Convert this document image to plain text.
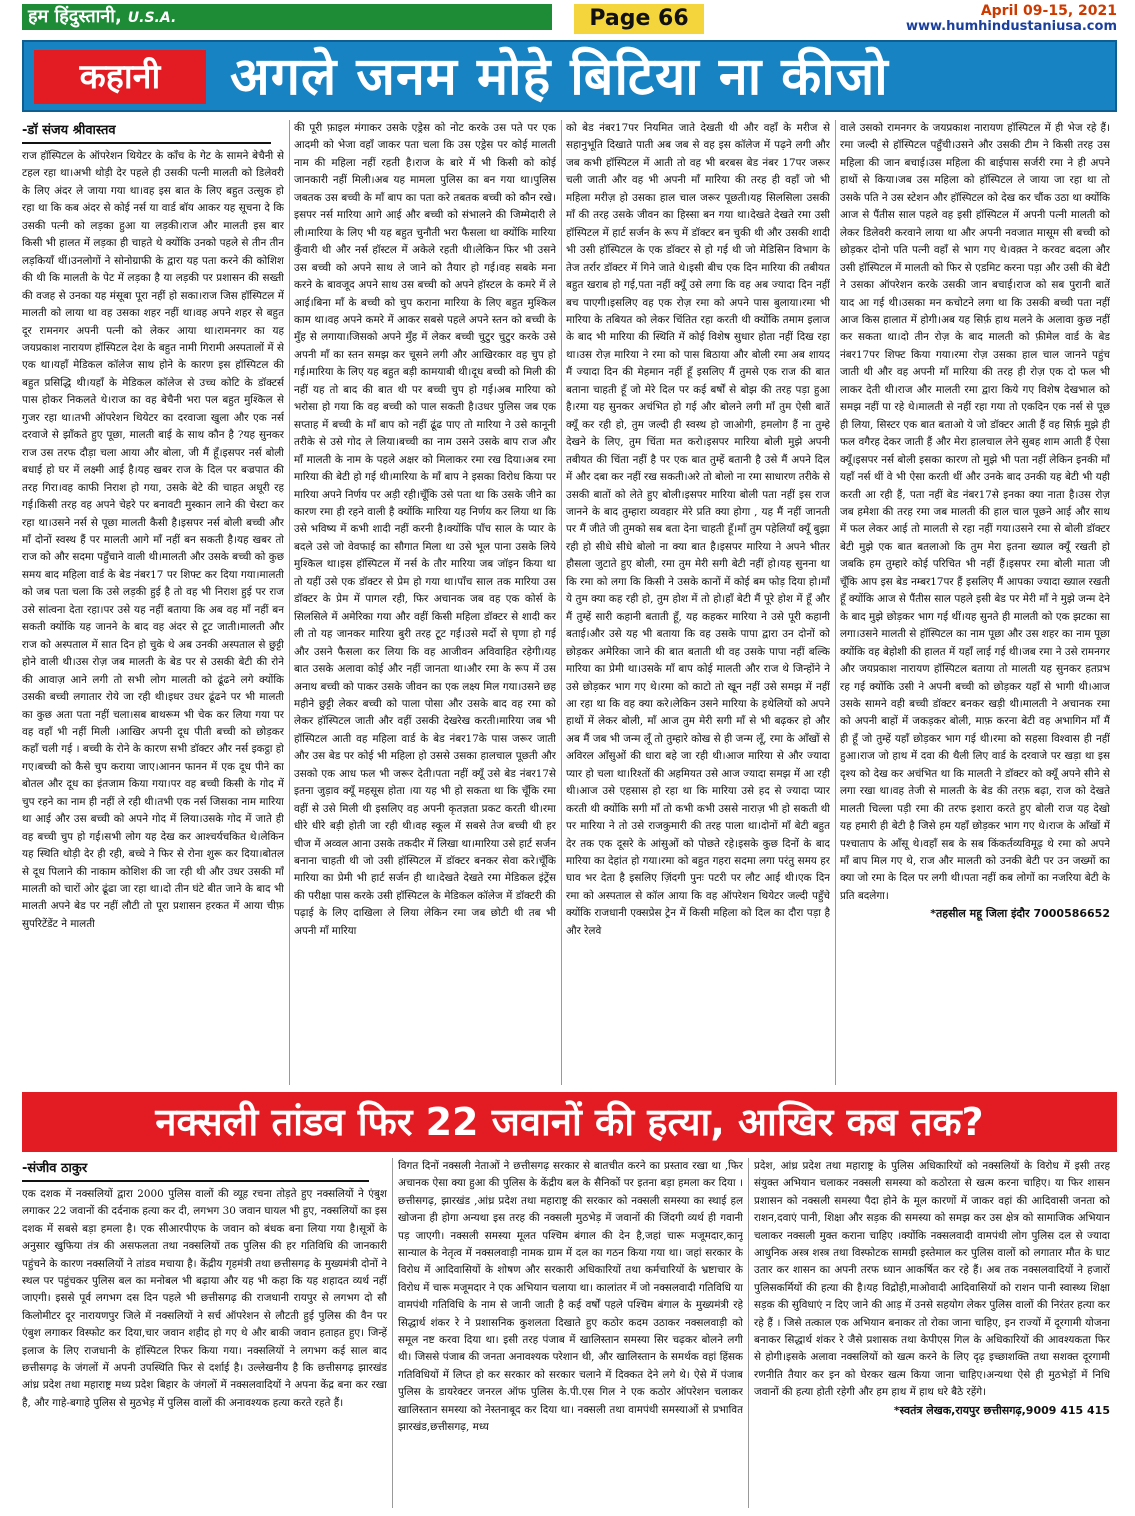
हम हिंदुस्तानी, U.S.A.	Page 66	April 09-15, 2021
www.humhindustaniusa.com
कहानी	अगले जनम मोहे बिटिया ना कीजो
-डॉ संजय श्रीवास्तव
राज हॉस्पिटल के ऑपरेशन थियेटर के काँच के गेट के सामने बेचैनी से टहल रहा था।अभी थोड़ी देर पहले ही उसकी पत्नी मालती को डिलेवरी के लिए अंदर ले जाया गया था।वह इस बात के लिए बहुत उत्सुक हो रहा था कि कब अंदर से कोई नर्स या वार्ड बॉय आकर यह सूचना दे कि उसकी पत्नी को लड़का हुआ या लड़की।राज और मालती इस बार किसी भी हालत में लड़का ही चाहते थे क्योंकि उनको पहले से तीन तीन लड़कियाँ थीं।उनलोगों ने सोनोग्राफी के द्वारा यह पता करने की कोशिश की थी कि मालती के पेट में लड़का है या लड़की पर प्रशासन की सख्ती की वजह से उनका यह मंसूबा पूरा नहीं हो सका।राज जिस हॉस्पिटल में मालती को लाया था वह उसका शहर नहीं था।वह अपने शहर से बहुत दूर रामनगर अपनी पत्नी को लेकर आया था।रामनगर का यह जयप्रकाश नारायण हॉस्पिटल देश के बहुत नामी गिरामी अस्पतालों में से एक था।यहाँ मेडिकल कॉलेज साथ होने के कारण इस हॉस्पिटल की बहुत प्रसिद्धि थी।यहाँ के मेडिकल कॉलेज से उच्च कोटि के डॉक्टर्स पास होकर निकलते थे।राज का वह बेचैनी भरा पल बहुत मुश्किल से गुजर रहा था।तभी ऑपरेशन थियेटर का दरवाजा खुला और एक नर्स दरवाजे से झाँकते हुए पूछा, मालती बाई के साथ कौन है ?यह सुनकर राज उस तरफ दौड़ा चला आया और बोला, जी मैं हूँ।इसपर नर्स बोली बधाई हो घर में लक्ष्मी आई है।यह खबर राज के दिल पर बज्रपात की तरह गिरा।वह काफी निराश हो गया, उसके बेटे की चाहत अधूरी रह गई।किसी तरह वह अपने चेहरे पर बनावटी मुस्कान लाने की चेस्टा कर रहा था।उसने नर्स से पूछा मालती कैसी है।इसपर नर्स बोली बच्ची और माँ दोनों स्वस्थ हैं पर मालती आगे माँ नहीं बन सकती है।यह खबर तो राज को और सदमा पहुँचाने वाली थी।मालती और उसके बच्ची को कुछ समय बाद महिला वार्ड के बेड नंबर17 पर शिफ्ट कर दिया गया।मालती को जब पता चला कि उसे लड़की हुई है तो वह भी निराश हुई पर राज उसे सांत्वना देता रहा।पर उसे यह नहीं बताया कि अब वह माँ नहीं बन सकती क्योंकि यह जानने के बाद वह अंदर से टूट जाती।मालती और राज को अस्पताल में सात दिन हो चुके थे अब उनकी अस्पताल से छुट्टी होने वाली थी।उस रोज़ जब मालती के बेड पर से उसकी बेटी की रोने की आवाज़ आने लगी तो सभी लोग मालती को ढूंढने लगे क्योंकि उसकी बच्ची लगातार रोये जा रही थी।इधर उधर ढूंढने पर भी मालती का कुछ अता पता नहीं चला।सब बाथरूम भी चेक कर लिया गया पर वह वहाँ भी नहीं मिली ।आखिर अपनी दूध पीती बच्ची को छोड़कर कहाँ चली गई । बच्ची के रोने के कारण सभी डॉक्टर और नर्स इकट्ठा हो गए।बच्ची को कैसे चुप कराया जाए।आनन फानन में एक दूध पीने का बोतल और दूध का इंतजाम किया गया।पर वह बच्ची किसी के गोद में चुप रहने का नाम ही नहीं ले रही थी।तभी एक नर्स जिसका नाम मारिया था आई और उस बच्ची को अपने गोद में लिया।उसके गोद में जाते ही वह बच्ची चुप हो गई।सभी लोग यह देख कर आश्चर्यचकित थे।लेकिन यह स्थिति थोड़ी देर ही रही, बच्चे ने फिर से रोना शुरू कर दिया।बोतल से दूध पिलाने की नाकाम कोशिश की जा रही थी और उधर उसकी माँ मालती को चारों ओर ढूंढा जा रहा था।दो तीन घंटे बीत जाने के बाद भी मालती अपने बेड पर नहीं लौटी तो पूरा प्रशासन हरकत में आया चीफ़ सुपरिटेंडेंट ने मालती
की पूरी फ़ाइल मंगाकर उसके एड्रेस को नोट करके उस पते पर एक आदमी को भेजा वहाँ जाकर पता चला कि उस एड्रेस पर कोई मालती नाम की महिला नहीं रहती है।राज के बारे में भी किसी को कोई जानकारी नहीं मिली।अब यह मामला पुलिस का बन गया था।पुलिस जबतक उस बच्ची के माँ बाप का पता करे तबतक बच्ची को कौन रखे।इसपर नर्स मारिया आगे आई और बच्ची को संभालने की जिम्मेदारी ले ली।मारिया के लिए भी यह बहुत चुनौती भरा फैसला था क्योंकि मारिया कुँवारी थी और नर्स हॉस्टल में अकेले रहती थी।लेकिन फिर भी उसने उस बच्ची को अपने साथ ले जाने को तैयार हो गई।वह सबके मना करने के बावजूद अपने साथ उस बच्ची को अपने हॉस्टल के कमरे में ले आई।बिना माँ के बच्ची को चुप कराना मारिया के लिए बहुत मुश्किल काम था।वह अपने कमरे में आकर सबसे पहले अपने स्तन को बच्ची के मुँह से लगाया।जिसको अपने मुँह में लेकर बच्ची चुटुर चुटुर करके उसे अपनी माँ का स्तन समझ कर चूसने लगी और आखिरकार वह चुप हो गई।मारिया के लिए यह बहुत बड़ी कामयाबी थी।दूध बच्ची को मिली की नहीं यह तो बाद की बात थी पर बच्ची चुप हो गई।अब मारिया को भरोसा हो गया कि वह बच्ची को पाल सकती है।उधर पुलिस जब एक सप्ताह में बच्ची के माँ बाप को नहीं ढूंढ पाए तो मारिया ने उसे कानूनी तरीके से उसे गोद ले लिया।बच्ची का नाम उसने उसके बाप राज और माँ मालती के नाम के पहले अक्षर को मिलाकर रमा रख दिया।अब रमा मारिया की बेटी हो गई थी।मारिया के माँ बाप ने इसका विरोध किया पर मारिया अपने निर्णय पर अड़ी रही।चूँकि उसे पता था कि उसके जीने का कारण रमा ही रहने वाली है क्योंकि मारिया यह निर्णय कर लिया था कि उसे भविष्य में कभी शादी नहीं करनी है।क्योंकि पाँच साल के प्यार के बदले उसे जो वेवफाई का सौगात मिला था उसे भूल पाना उसके लिये मुश्किल था।इस हॉस्पिटल में नर्स के तौर मारिया जब जॉइन किया था तो यहीं उसे एक डॉक्टर से प्रेम हो गया था।पाँच साल तक मारिया उस डॉक्टर के प्रेम में पागल रही, फिर अचानक जब वह एक कोर्स के सिलसिले में अमेरिका गया और वहीं किसी महिला डॉक्टर से शादी कर ली तो यह जानकर मारिया बुरी तरह टूट गई।उसे मर्दो से घृणा हो गई और उसने फैसला कर लिया कि वह आजीवन अविवाहित रहेगी।यह बात उसके अलावा कोई और नहीं जानता था।और रमा के रूप में उस अनाथ बच्ची को पाकर उसके जीवन का एक लक्ष्य मिल गया।उसने छह महीने छुट्टी लेकर बच्ची को पाला पोसा और उसके बाद वह रमा को लेकर हॉस्पिटल जाती और वहीं उसकी देखरेख करती।मारिया जब भी हॉस्पिटल आती वह महिला वार्ड के बेड नंबर17के पास जरूर जाती और उस बेड पर कोई भी महिला हो उससे उसका हालचाल पूछती और उसको एक आध फल भी जरूर देती।पता नहीं क्यूँ उसे बेड नंबर17से इतना जुड़ाव क्यूँ महसूस होता ।या यह भी हो सकता था कि चूँकि रमा वहीं से उसे मिली थी इसलिए वह अपनी कृतज्ञता प्रकट करती थी।रमा धीरे धीरे बड़ी होती जा रही थी।वह स्कूल में सबसे तेज बच्ची थी हर चीज में अव्वल आना उसके तकदीर में लिखा था।मारिया उसे हार्ट सर्जन बनाना चाहती थी जो उसी हॉस्पिटल में डॉक्टर बनकर सेवा करे।चूँकि मारिया का प्रेमी भी हार्ट सर्जन ही था।देखते देखते रमा मेडिकल इंट्रेंस की परीक्षा पास करके उसी हॉस्पिटल के मेडिकल कॉलेज में डॉक्टरी की पढ़ाई के लिए दाखिला ले लिया लेकिन रमा जब छोटी थी तब भी अपनी माँ मारिया
को बेड नंबर17पर नियमित जाते देखती थी और वहाँ के मरीज से सहानुभूति दिखाते पाती अब जब से वह इस कॉलेज में पढ़ने लगी और जब कभी हॉस्पिटल में आती तो वह भी बरबस बेड नंबर 17पर जरूर चली जाती और वह भी अपनी माँ मारिया की तरह ही वहाँ जो भी महिला मरीज़ हो उसका हाल चाल जरूर पूछती।यह सिलसिला उसकी माँ की तरह उसके जीवन का हिस्सा बन गया था।देखते देखते रमा उसी हॉस्पिटल में हार्ट सर्जन के रूप में डॉक्टर बन चुकी थी और उसकी शादी भी उसी हॉस्पिटल के एक डॉक्टर से हो गई थी जो मेडिसिन विभाग के तेज तर्रार डॉक्टर में गिने जाते थे।इसी बीच एक दिन मारिया की तबीयत बहुत खराब हो गई,पता नहीं क्यूँ उसे लगा कि वह अब ज्यादा दिन नहीं बच पाएगी।इसलिए वह एक रोज़ रमा को अपने पास बुलाया।रमा भी मारिया के तबियत को लेकर चिंतित रहा करती थी क्योंकि तमाम इलाज के बाद भी मारिया की स्थिति में कोई विशेष सुधार होता नहीं दिख रहा था।उस रोज़ मारिया ने रमा को पास बिठाया और बोली रमा अब शायद मैं ज्यादा दिन की मेहमान नहीं हूँ इसलिए मैं तुमसे एक राज की बात बताना चाहती हूँ जो मेरे दिल पर कई बर्षों से बोझ की तरह पड़ा हुआ है।रमा यह सुनकर अचंभित हो गई और बोलने लगी माँ तुम ऐसी बातें क्यूँ कर रही हो, तुम जल्दी ही स्वस्थ हो जाओगी, हमलोग हैं ना तुम्हे देखने के लिए, तुम चिंता मत करो।इसपर मारिया बोली मुझे अपनी तबीयत की चिंता नहीं है पर एक बात तुम्हें बतानी है उसे मैं अपने दिल में और दबा कर नहीं रख सकती।अरे तो बोलो ना रमा साधारण तरीके से उसकी बातों को लेते हुए बोली।इसपर मारिया बोली पता नहीं इस राज जानने के बाद तुम्हारा व्यवहार मेरे प्रति क्या होगा , यह मैं नहीं जानती पर मैं जीते जी तुमको सब बता देना चाहती हूँ।माँ तुम पहेलियाँ क्यूँ बुझा रही हो सीधे सीधे बोलो ना क्या बात है।इसपर मारिया ने अपने भीतर हौसला जुटाते हुए बोली, रमा तुम मेरी सगी बेटी नहीं हो।यह सुनना था कि रमा को लगा कि किसी ने उसके कानों में कोई बम फोड़ दिया हो।माँ ये तुम क्या कह रही हो, तुम होश में तो हो।हाँ बेटी मैं पूरे होश में हूँ और मैं तुम्हें सारी कहानी बताती हूँ, यह कहकर मारिया ने उसे पूरी कहानी बताई।और उसे यह भी बताया कि वह उसके पापा द्वारा उन दोनों को छोड़कर अमेरिका जाने की बात बताती थी वह उसके पापा नहीं बल्कि मारिया का प्रेमी था।उसके माँ बाप कोई मालती और राज थे जिन्होंने ने उसे छोड़कर भाग गए थे।रमा को काटो तो खून नहीं उसे समझ में नहीं आ रहा था कि वह क्या करे।लेकिन उसने मारिया के हथेलियों को अपने हाथों में लेकर बोली, माँ आज तुम मेरी सगी माँ से भी बढ़कर हो और अब मैं जब भी जन्म लूँ तो तुम्हारे कोख से ही जन्म लूँ, रमा के आँखों से अविरल आँसुओं की धारा बहे जा रही थी।आज मारिया से और ज्यादा प्यार हो चला था।रिश्तों की अहमियत उसे आज ज्यादा समझ में आ रही थी।आज उसे एहसास हो रहा था कि मारिया उसे हद से ज्यादा प्यार करती थी क्योंकि सगी माँ तो कभी कभी उससे नाराज़ भी हो सकती थी पर मारिया ने तो उसे राजकुमारी की तरह पाला था।दोनों माँ बेटी बहुत देर तक एक दूसरे के आंसुओं को पोछते रहे।इसके कुछ दिनों के बाद मारिया का देहांत हो गया।रमा को बहुत गहरा सदमा लगा परंतु समय हर घाव भर देता है इसलिए ज़िंदगी पुनः पटरी पर लौट आई थी।एक दिन रमा को अस्पताल से कॉल आया कि वह ऑपरेशन थियेटर जल्दी पहुँचे क्योंकि राजधानी एक्सप्रेस ट्रेन में किसी महिला को दिल का दौरा पड़ा है और रेलवे
वाले उसको रामनगर के जयप्रकाश नारायण हॉस्पिटल में ही भेज रहे हैं।रमा जल्दी से हॉस्पिटल पहुँची।उसने और उसकी टीम ने किसी तरह उस महिला की जान बचाई।उस महिला की बाईपास सर्जरी रमा ने ही अपने हाथों से किया।जब उस महिला को हॉस्पिटल ले जाया जा रहा था तो उसके पति ने उस स्टेशन और हॉस्पिटल को देख कर चौंक उठा था क्योंकि आज से पैंतीस साल पहले वह इसी हॉस्पिटल में अपनी पत्नी मालती को लेकर डिलेवरी करवाने लाया था और अपनी नवजात मासूम सी बच्ची को छोड़कर दोनो पति पत्नी वहाँ से भाग गए थे।वक़्त ने करवट बदला और उसी हॉस्पिटल में मालती को फिर से एडमिट करना पड़ा और उसी की बेटी ने उसका ऑपरेशन करके उसकी जान बचाई।राज को सब पुरानी बातें याद आ गई थी।उसका मन कचोटने लगा था कि उसकी बच्ची पता नहीं आज किस हालात में होगी।अब यह सिर्फ़ हाथ मलने के अलावा कुछ नहीं कर सकता था।दो तीन रोज़ के बाद मालती को फ़ीमेल वार्ड के बेड नंबर17पर शिफ्ट किया गया।रमा रोज़ उसका हाल चाल जानने पहुंच जाती थी और वह अपनी माँ मारिया की तरह ही रोज़ एक दो फल भी लाकर देती थी।राज और मालती रमा द्वारा किये गए विशेष देखभाल को समझ नहीं पा रहे थे।मालती से नहीं रहा गया तो एकदिन एक नर्स से पूछ ही लिया, सिस्टर एक बात बताओ ये जो डॉक्टर आती हैं वह सिर्फ़ मुझे ही फल वगैरह देकर जाती हैं और मेरा हालचाल लेने सुबह शाम आती हैं ऐसा क्यूँ।इसपर नर्स बोली इसका कारण तो मुझे भी पता नहीं लेकिन इनकी माँ यहाँ नर्स थीं वे भी ऐसा करती थीं और उनके बाद उनकी यह बेटी भी यही करती आ रही हैं, पता नहीं बेड नंबर17से इनका क्या नाता है।उस रोज़ जब हमेशा की तरह रमा जब मालती की हाल चाल पूछने आई और साथ में फल लेकर आई तो मालती से रहा नहीं गया।उसने रमा से बोली डॉक्टर बेटी मुझे एक बात बतलाओ कि तुम मेरा इतना ख्याल क्यूँ रखती हो जबकि हम तुम्हारे कोई परिचित भी नहीं हैं।इसपर रमा बोली माता जी चूँकि आप इस बेड नम्बर17पर हैं इसलिए मैं आपका ज्यादा ख्याल रखती हूँ क्योंकि आज से पैंतीस साल पहले इसी बेड पर मेरी माँ ने मुझे जन्म देने के बाद मुझे छोड़कर भाग गई थीं।यह सुनते ही मालती को एक झटका सा लगा।उसने मालती से हॉस्पिटल का नाम पूछा और उस शहर का नाम पूछा क्योंकि वह बेहोशी की हालत में यहाँ लाई गई थी।जब रमा ने उसे रामनगर और जयप्रकाश नारायण हॉस्पिटल बताया तो मालती यह सुनकर हतप्रभ रह गई क्योंकि उसी ने अपनी बच्ची को छोड़कर यहाँ से भागी थी।आज उसके सामने वही बच्ची डॉक्टर बनकर खड़ी थी।मालती ने अचानक रमा को अपनी बाहों में जकड़कर बोली, माफ़ करना बेटी वह अभागिन माँ मैं ही हूँ जो तुम्हें यहाँ छोड़कर भाग गई थी।रमा को सहसा विश्वास ही नहीं हुआ।राज जो हाथ में दवा की थैली लिए वार्ड के दरवाजे पर खड़ा था इस दृश्य को देख कर अचंभित था कि मालती ने डॉक्टर को क्यूँ अपने सीने से लगा रखा था।वह तेजी से मालती के बेड की तरफ़ बढ़ा, राज को देखते मालती चिल्ला पड़ी रमा की तरफ इशारा करते हुए बोली राज यह देखो यह हमारी ही बेटी है जिसे हम यहाँ छोड़कर भाग गए थे।राज के आँखों में पश्चाताप के आँसू थे।वहाँ सब के सब किंकर्तव्यविमूढ़ थे रमा को अपने माँ बाप मिल गए थे, राज और मालती को उनकी बेटी पर उन जख्मों का क्या जो रमा के दिल पर लगी थी।पता नहीं कब लोगों का नजरिया बेटी के प्रति बदलेगा।
*तहसील महू जिला इंदौर 7000586652
नक्सली तांडव फिर 22 जवानों की हत्या, आखिर कब तक?
-संजीव ठाकुर
एक दशक में नक्सलियों द्वारा 2000 पुलिस वालों की व्यूह रचना तोड़ते हुए नक्सलियों ने एंबुश लगाकर 22 जवानों की दर्दनाक हत्या कर दी, लगभग 30 जवान घायल भी हुए, नक्सलियों का इस दशक में सबसे बड़ा हमला है। एक सीआरपीएफ के जवान को बंधक बना लिया गया है।सूत्रों के अनुसार खुफिया तंत्र की असफलता तथा नक्सलियों तक पुलिस की हर गतिविधि की जानकारी पहुंचने के कारण नक्सलियों ने तांडव मचाया है। केंद्रीय गृहमंत्री तथा छत्तीसगढ़ के मुख्यमंत्री दोनों ने स्थल पर पहुंचकर पुलिस बल का मनोबल भी बढ़ाया और यह भी कहा कि यह शहादत व्यर्थ नहीं जाएगी। इससे पूर्व लगभग दस दिन पहले भी छत्तीसगढ़ की राजधानी रायपुर से लगभग दो सौ किलोमीटर दूर नारायणपुर जिले में नक्सलियों ने सर्च ऑपरेशन से लौटती हुई पुलिस की वैन पर एंबुश लगाकर विस्फोट कर दिया,चार जवान शहीद हो गए थे और बाकी जवान हताहत हुए। जिन्हें इलाज के लिए राजधानी के हॉस्पिटल रिफर किया गया। नक्सलियों ने लगभग कई साल बाद छत्तीसगढ़ के जंगलों में अपनी उपस्थिति फिर से दर्शाई है। उल्लेखनीय है कि छत्तीसगढ़ झारखंड आंध्र प्रदेश तथा महाराष्ट्र मध्य प्रदेश बिहार के जंगलों में नक्सलवादियों ने अपना केंद्र बना कर रखा है, और गाहे-बगाहे पुलिस से मुठभेड़ में पुलिस वालों की अनावश्यक हत्या करते रहते हैं।
विगत दिनों नक्सली नेताओं ने छत्तीसगढ़ सरकार से बातचीत करने का प्रस्ताव रखा था ,फिर अचानक ऐसा क्या हुआ की पुलिस के केंद्रीय बल के सैनिकों पर इतना बड़ा हमला कर दिया ।छत्तीसगढ़, झारखंड ,आंध्र प्रदेश तथा महाराष्ट्र की सरकार को नक्सली समस्या का स्थाई हल खोजना ही होगा अन्यथा इस तरह की नक्सली मुठभेड़ में जवानों की जिंदगी व्यर्थ ही गवानी पड़ जाएगी। नक्सली समस्या मूलत पश्चिम बंगाल की देन है,जहां चारू मजूमदार,कानू सान्याल के नेतृत्व में नक्सलवाड़ी नामक ग्राम में दल का गठन किया गया था। जहां सरकार के विरोध में आदिवासियों के शोषण और सरकारी अधिकारियों तथा कर्मचारियों के भ्रष्टाचार के विरोध में चारू मजूमदार ने एक अभियान चलाया था। कालांतर में जो नक्सलवादी गतिविधि या वामपंथी गतिविधि के नाम से जानी जाती है कई वर्षों पहले पश्चिम बंगाल के मुख्यमंत्री रहे सिद्धार्थ शंकर रे ने प्रशासनिक कुशलता दिखाते हुए कठोर कदम उठाकर नक्सलवाड़ी को समूल नष्ट करवा दिया था। इसी तरह पंजाब में खालिस्तान समस्या सिर चढ़कर बोलने लगी थी। जिससे पंजाब की जनता अनावश्यक परेशान थी, और खालिस्तान के समर्थक वहां हिंसक गतिविधियों में लिप्त हो कर सरकार को सरकार चलाने में दिक्कत देने लगे थे। ऐसे में पंजाब पुलिस के डायरेक्टर जनरल ऑफ पुलिस के.पी.एस गिल ने एक कठोर ऑपरेशन चलाकर खालिस्तान समस्या को नेस्तनाबूद कर दिया था। नक्सली तथा वामपंथी समस्याओं से प्रभावित झारखंड,छत्तीसगढ़, मध्य
प्रदेश, आंध्र प्रदेश तथा महाराष्ट्र के पुलिस अधिकारियों को नक्सलियों के विरोध में इसी तरह संयुक्त अभियान चलाकर नक्सली समस्या को कठोरता से खत्म करना चाहिए। या फिर शासन प्रशासन को नक्सली समस्या पैदा होने के मूल कारणों में जाकर वहां की आदिवासी जनता को राशन,दवाएं पानी, शिक्षा और सड़क की समस्या को समझ कर उस क्षेत्र को सामाजिक अभियान चलाकर नक्सली मुक्त कराना चाहिए ।क्योंकि नक्सलवादी वामपंथी लोग पुलिस दल से ज्यादा आधुनिक अस्त्र शस्त्र तथा विस्फोटक सामग्री इस्तेमाल कर पुलिस वालों को लगातार मौत के घाट उतार कर शासन का अपनी तरफ ध्यान आकर्षित कर रहे हैं। अब तक नक्सलवादियों ने हजारों पुलिसकर्मियों की हत्या की है।यह विद्रोही,माओवादी आदिवासियों को राशन पानी स्वास्थ्य शिक्षा सड़क की सुविधाएं न दिए जाने की आड़ में उनसे सहयोग लेकर पुलिस वालों की निरंतर हत्या कर रहे हैं । जिसे तत्काल एक अभियान बनाकर तो रोका जाना चाहिए, इन राज्यों में दूरगामी योजना बनाकर सिद्धार्थ शंकर रे जैसे प्रशासक तथा केपीएस गिल के अधिकारियों की आवश्यकता फिर से होगी।इसके अलावा नक्सलियों को खत्म करने के लिए दृढ़ इच्छाशक्ति तथा सशक्त दूरगामी रणनीति तैयार कर इन को घेरकर खत्म किया जाना चाहिए।अन्यथा ऐसे ही मुठभेड़ों में निधि जवानों की हत्या होती रहेगी और हम हाथ में हाथ धरे बैठे रहेंगे।
*स्वतंत्र लेखक,रायपुर छत्तीसगढ़,9009 415 415
